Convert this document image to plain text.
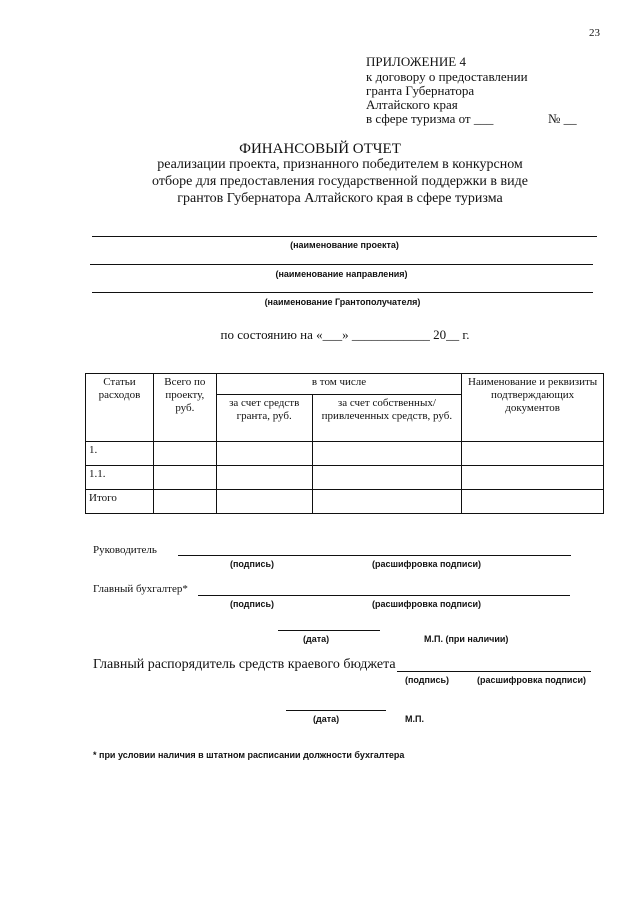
23
ПРИЛОЖЕНИЕ 4
к договору о предоставлении
гранта Губернатора
Алтайского края
в сфере туризма от ___	№ __
ФИНАНСОВЫЙ ОТЧЕТ
реализации проекта, признанного победителем в конкурсном
отборе для предоставления государственной поддержки в виде
грантов Губернатора Алтайского края в сфере туризма
(наименование проекта)
(наименование направления)
(наименование Грантополучателя)
по состоянию на «___» ____________ 20__ г.
Статьи расходов	Всего по проекту, руб.	в том числе		Наименование и реквизиты подтверждающих документов
		за счет средств гранта, руб.	за счет собственных/привлеченных средств, руб.	
1.				
1.1.				
Итого				
Руководитель
(подпись)	(расшифровка подписи)
Главный бухгалтер*
(подпись)	(расшифровка подписи)
(дата)	М.П. (при наличии)
Главный распорядитель средств краевого бюджета
(подпись)	(расшифровка подписи)
(дата)	М.П.
* при условии наличия в штатном расписании должности бухгалтера
